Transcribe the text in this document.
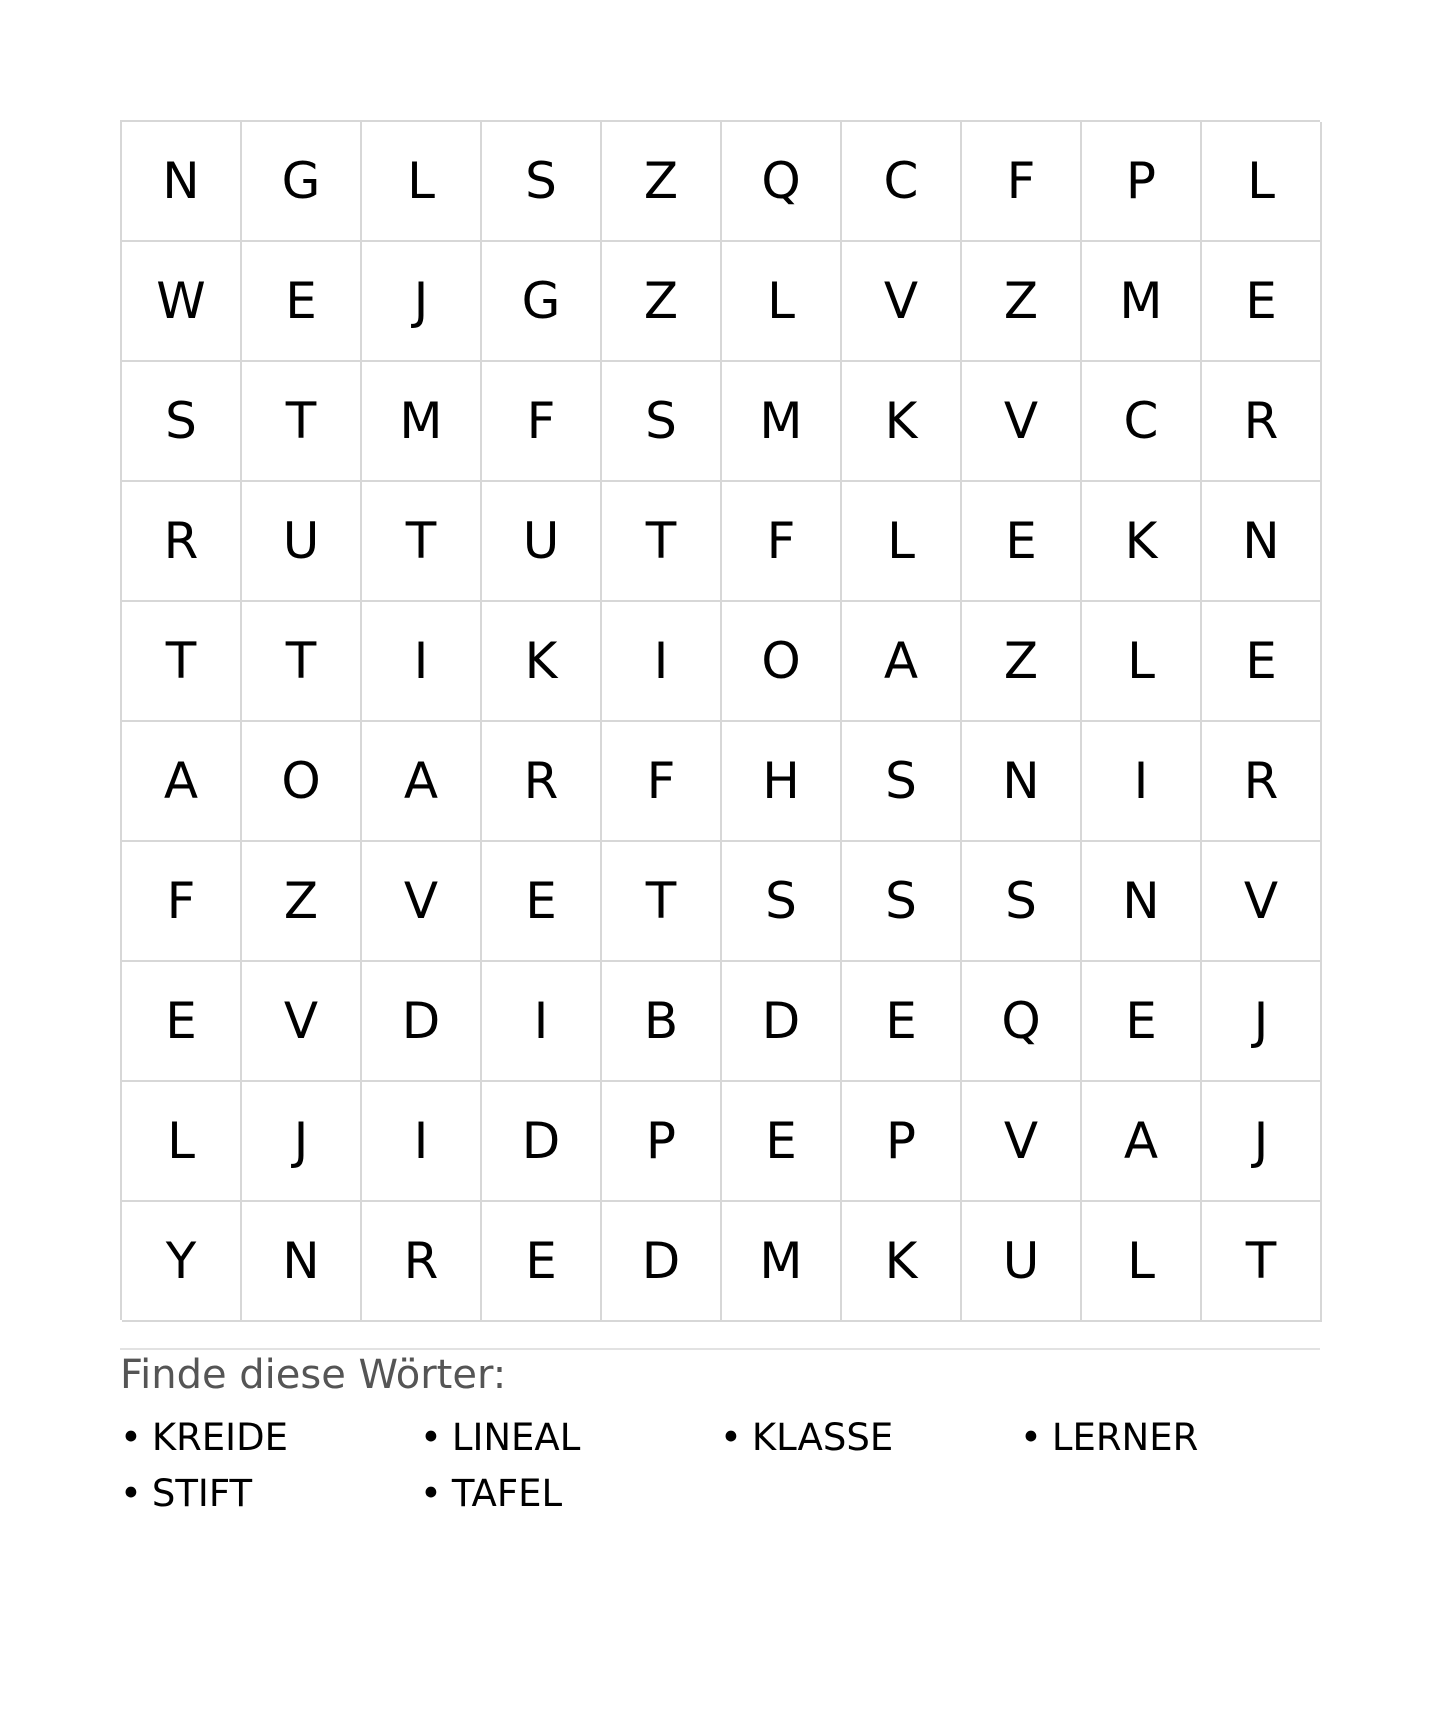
N	G	L	S	Z	Q	C	F	P	L
W	E	J	G	Z	L	V	Z	M	E
S	T	M	F	S	M	K	V	C	R
R	U	T	U	T	F	L	E	K	N
T	T	I	K	I	O	A	Z	L	E
A	O	A	R	F	H	S	N	I	R
F	Z	V	E	T	S	S	S	N	V
E	V	D	I	B	D	E	Q	E	J
L	J	I	D	P	E	P	V	A	J
Y	N	R	E	D	M	K	U	L	T
Finde diese Wörter:
• KREIDE	• LINEAL	• KLASSE	• LERNER
• STIFT	• TAFEL
